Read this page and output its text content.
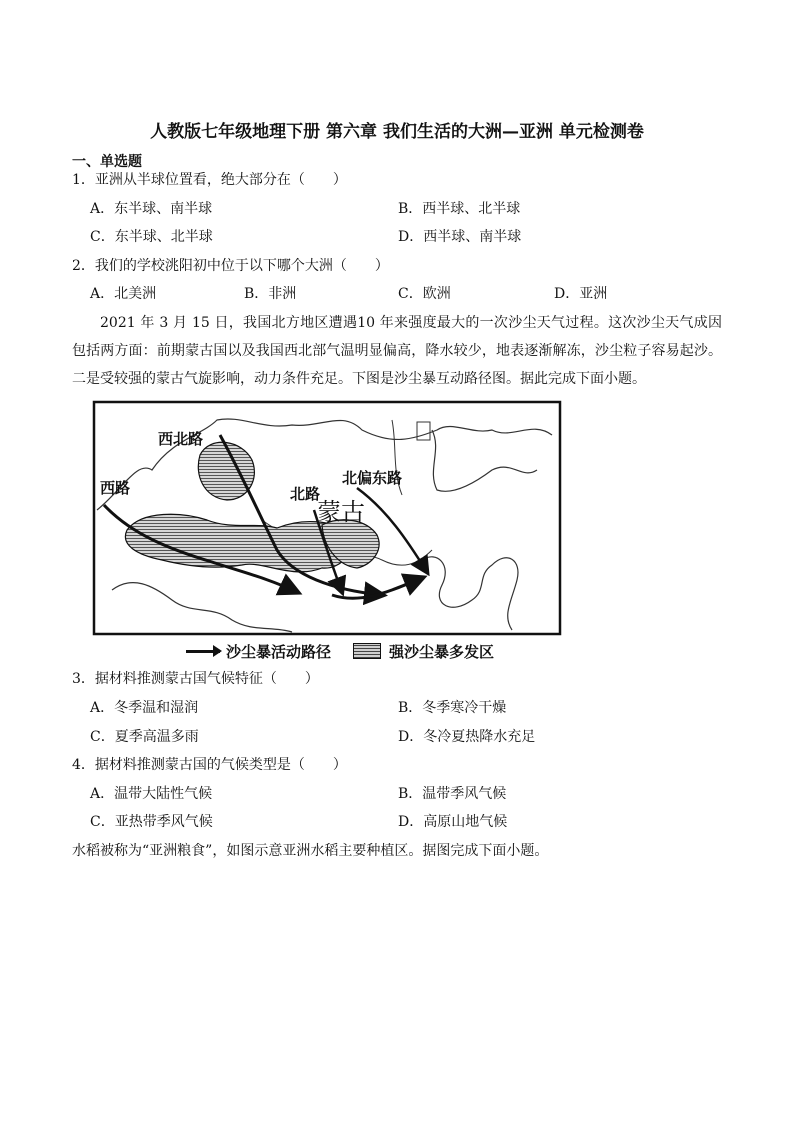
人教版七年级地理下册 第六章 我们生活的大洲—亚洲 单元检测卷
一、单选题
1．亚洲从半球位置看，绝大部分在（　　）
A．东半球、南半球	B．西半球、北半球
C．东半球、北半球	D．西半球、南半球
2．我们的学校洮阳初中位于以下哪个大洲（　　）
A．北美洲	B．非洲	C．欧洲	D．亚洲
2021 年 3 月 15 日，我国北方地区遭遇10 年来强度最大的一次沙尘天气过程。这次沙尘天气成因包括两方面：前期蒙古国以及我国西北部气温明显偏高，降水较少，地表逐渐解冻，沙尘粒子容易起沙。二是受较强的蒙古气旋影响，动力条件充足。下图是沙尘暴互动路径图。据此完成下面小题。
西北路
西路	北路
北偏东路
蒙古
沙尘暴活动路径	强沙尘暴多发区
3．据材料推测蒙古国气候特征（　　）
A．冬季温和湿润	B．冬季寒冷干燥
C．夏季高温多雨	D．冬冷夏热降水充足
4．据材料推测蒙古国的气候类型是（　　）
A．温带大陆性气候	B．温带季风气候
C．亚热带季风气候	D．高原山地气候
水稻被称为“亚洲粮食”，如图示意亚洲水稻主要种植区。据图完成下面小题。
